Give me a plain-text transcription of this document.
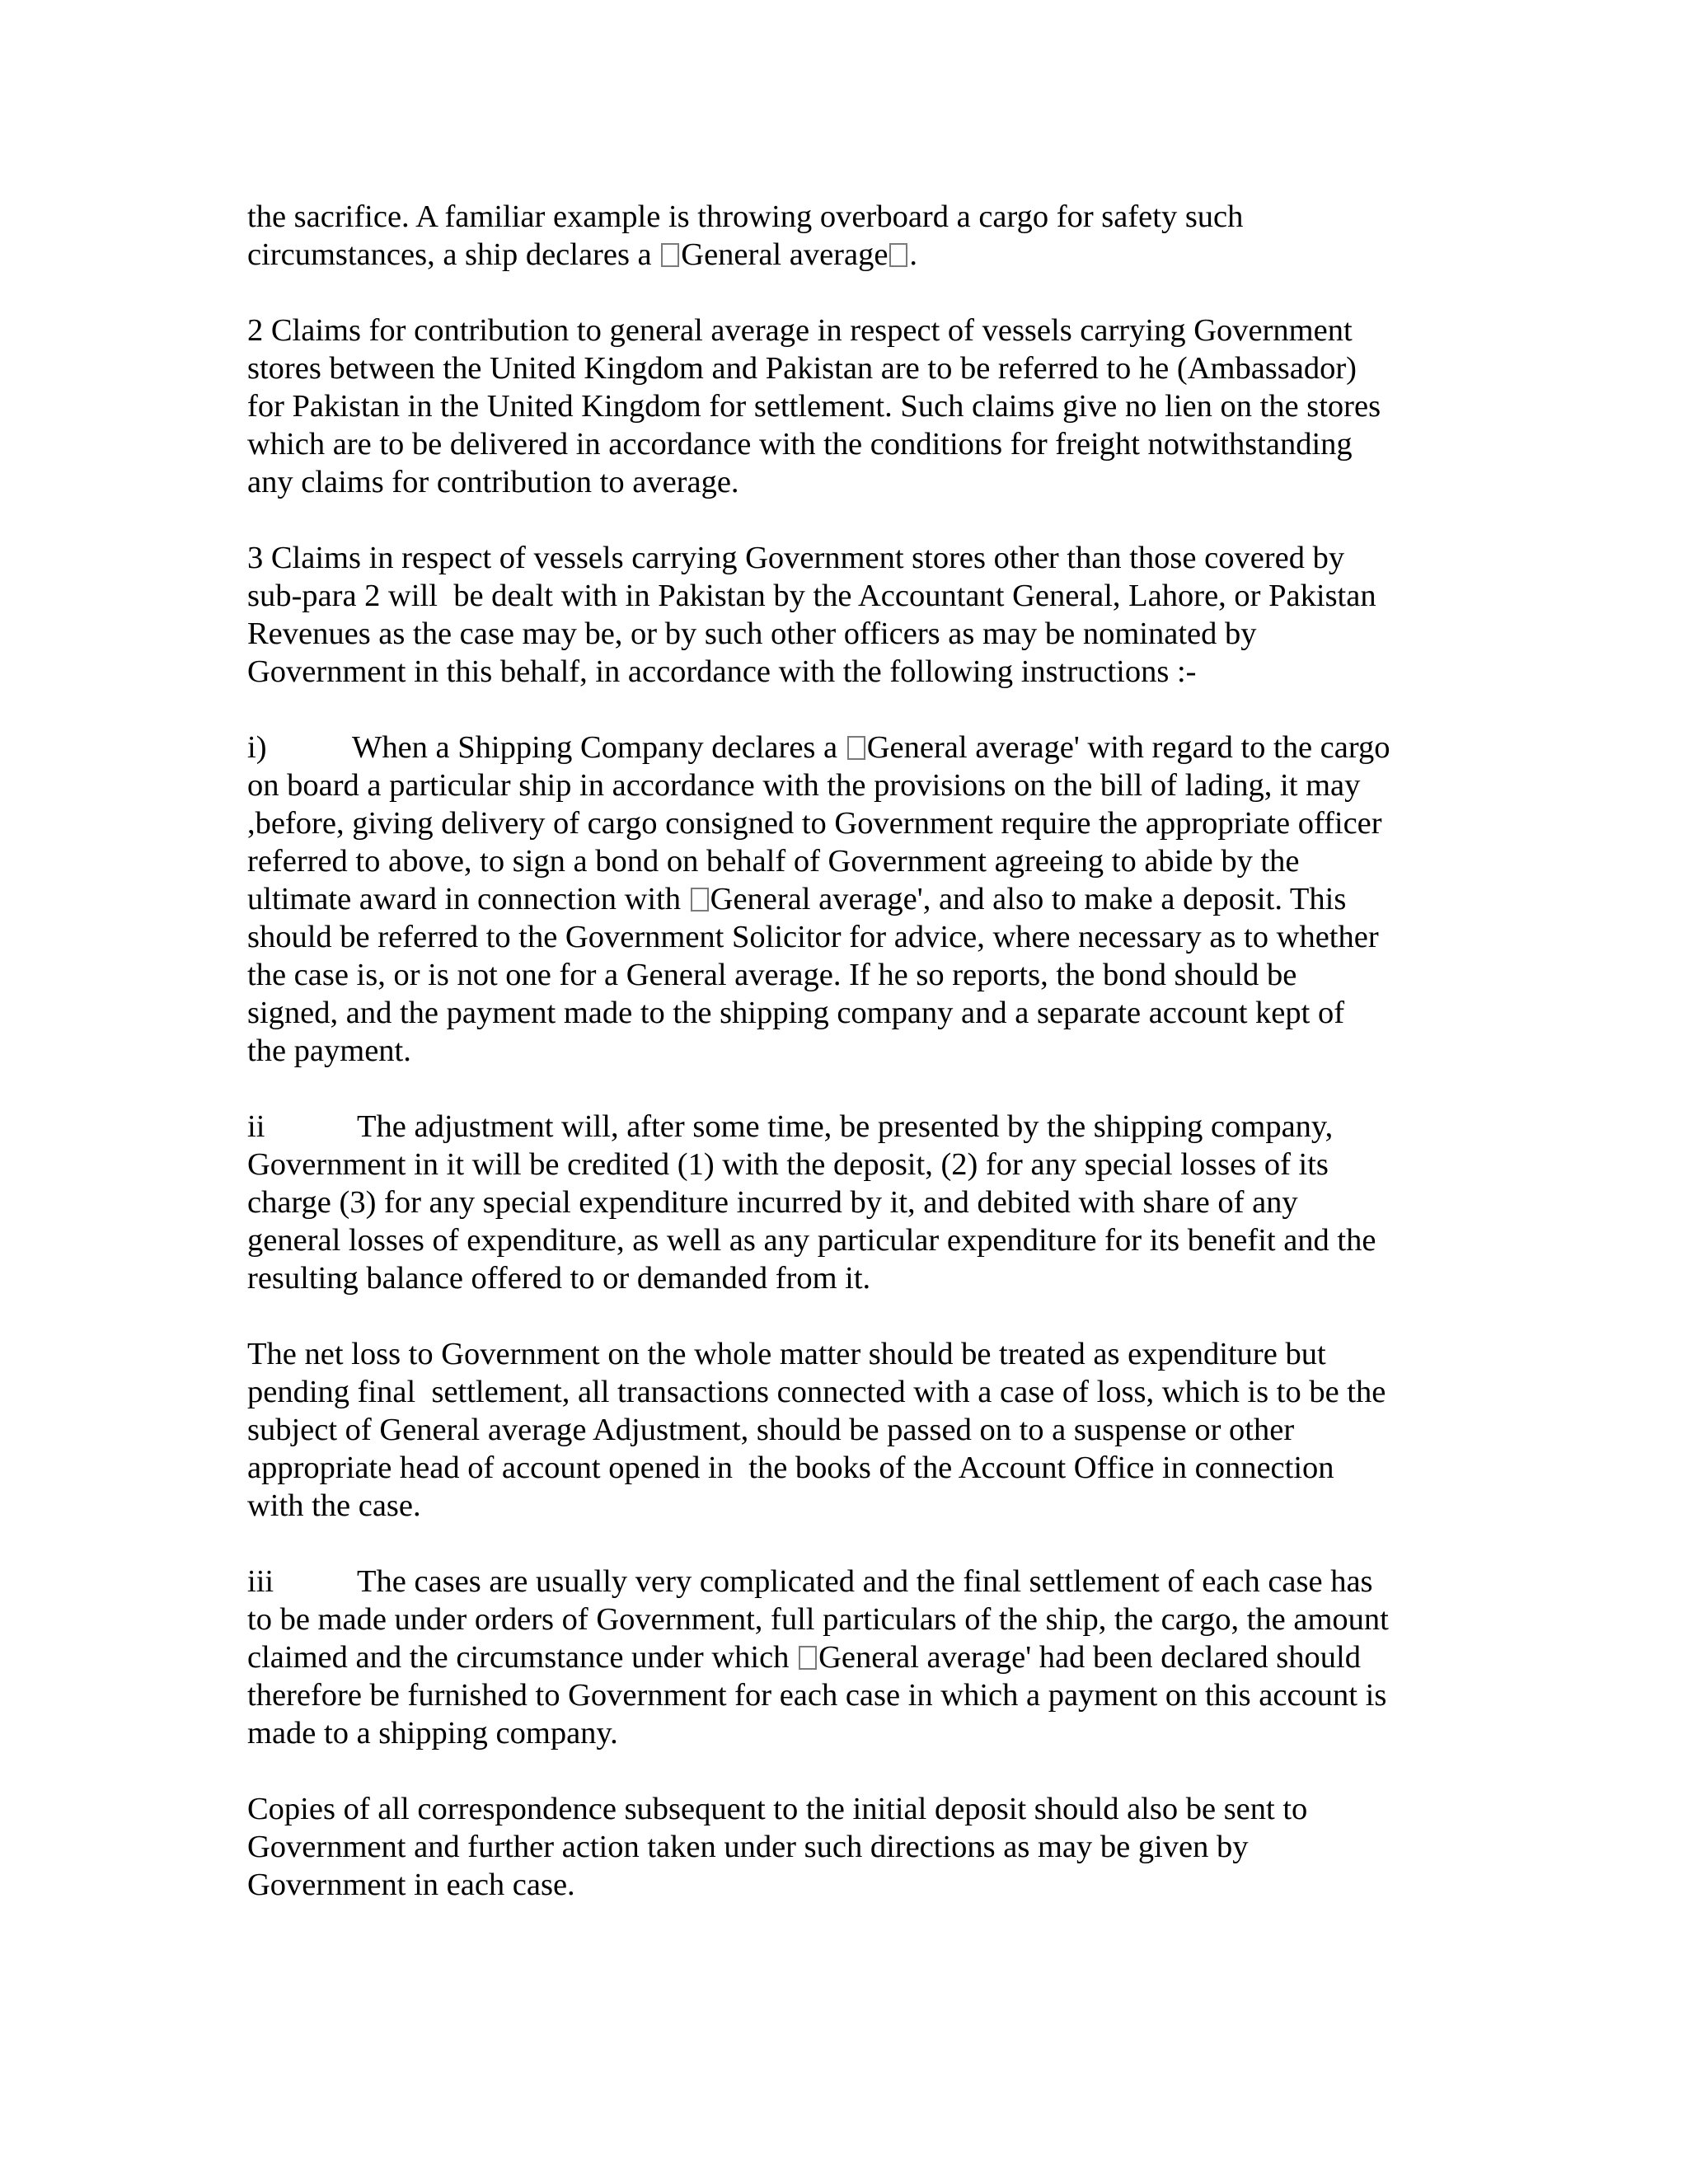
the sacrifice. A familiar example is throwing overboard a cargo for safety such
circumstances, a ship declares a General average .
2 Claims for contribution to general average in respect of vessels carrying Government
stores between the United Kingdom and Pakistan are to be referred to he (Ambassador)
for Pakistan in the United Kingdom for settlement. Such claims give no lien on the stores
which are to be delivered in accordance with the conditions for freight notwithstanding
any claims for contribution to average.
3 Claims in respect of vessels carrying Government stores other than those covered by
sub-para 2 will  be dealt with in Pakistan by the Accountant General, Lahore, or Pakistan
Revenues as the case may be, or by such other officers as may be nominated by
Government in this behalf, in accordance with the following instructions :-
i)	When a Shipping Company declares a General average' with regard to the cargo
on board a particular ship in accordance with the provisions on the bill of lading, it may
,before, giving delivery of cargo consigned to Government require the appropriate officer
referred to above, to sign a bond on behalf of Government agreeing to abide by the
ultimate award in connection with General average', and also to make a deposit. This
should be referred to the Government Solicitor for advice, where necessary as to whether
the case is, or is not one for a General average. If he so reports, the bond should be
signed, and the payment made to the shipping company and a separate account kept of
the payment.
ii	The adjustment will, after some time, be presented by the shipping company,
Government in it will be credited (1) with the deposit, (2) for any special losses of its
charge (3) for any special expenditure incurred by it, and debited with share of any
general losses of expenditure, as well as any particular expenditure for its benefit and the
resulting balance offered to or demanded from it.
The net loss to Government on the whole matter should be treated as expenditure but
pending final  settlement, all transactions connected with a case of loss, which is to be the
subject of General average Adjustment, should be passed on to a suspense or other
appropriate head of account opened in  the books of the Account Office in connection
with the case.
iii	The cases are usually very complicated and the final settlement of each case has
to be made under orders of Government, full particulars of the ship, the cargo, the amount
claimed and the circumstance under which General average' had been declared should
therefore be furnished to Government for each case in which a payment on this account is
made to a shipping company.
Copies of all correspondence subsequent to the initial deposit should also be sent to
Government and further action taken under such directions as may be given by
Government in each case.
